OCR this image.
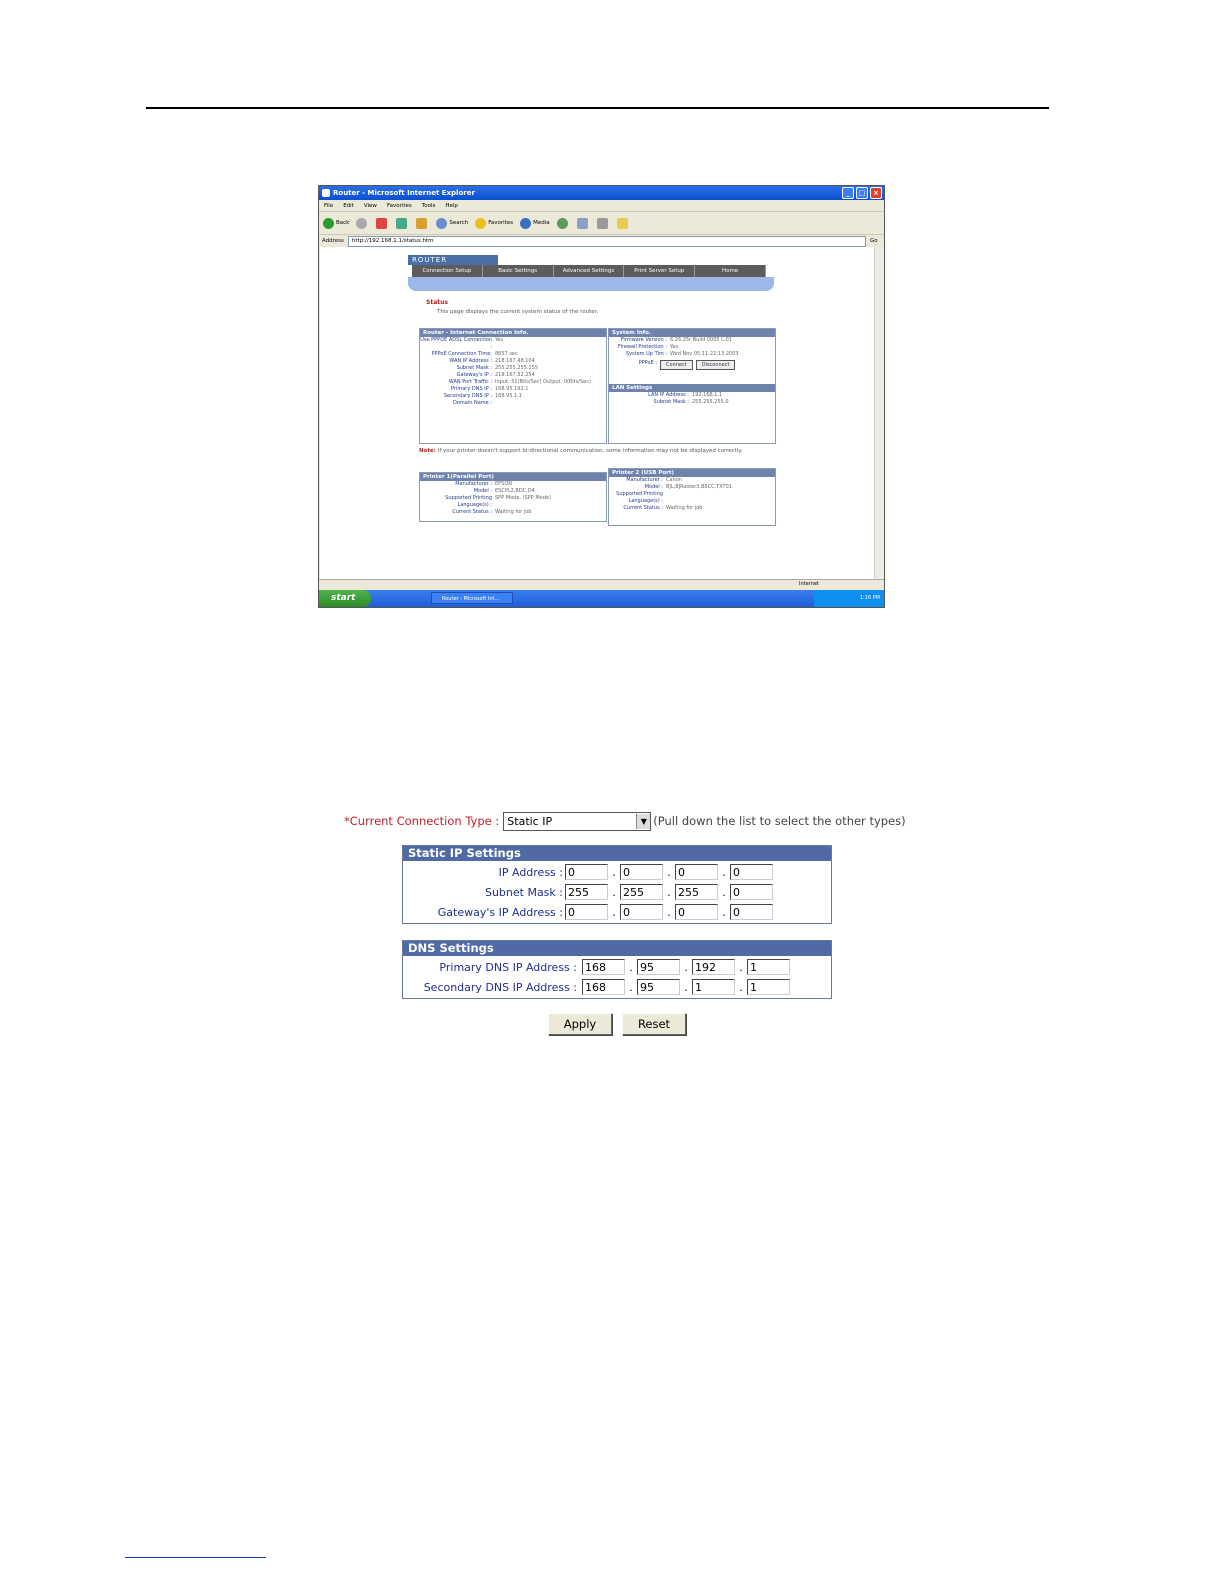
Router - Microsoft Internet Explorer	_	□	×
File Edit View Favorites Tools Help
Back	Search	Favorites	Media
Address	http://192.168.1.1/status.htm	Go
ROUTER
Connection Setup	Basic Settings	Advanced Settings	Print Server Setup	Home
Status
This page displays the current system status of the router.
Router - Internet Connection Info.
Use PPPOE ADSL Connection :
Yes
PPPoE Connection Time: 8657 sec
WAN IP Address : 218.167.48.104
Subnet Mask : 255.255.255.255
Gateway's IP : 218.167.32.254
WAN Port Traffic : Input: 51(Bits/Sec) Output: 0(Bits/Sec)
Primary DNS IP : 168.95.192.1
Secondary DNS IP : 168.95.1.1
Domain Name :
System Info.
Firmware Version : 6.26.25r Build 0005 L:01
Firewall Protection : Yes
System Up Tim : Wed Nov 05 11:22:13 2003
PPPoE :	Connect	Disconnect
LAN Settings
LAN IP Address : 192.168.1.1
Subnet Mask : 255.255.255.0
Note: If your printer doesn't support bi-directional communication, some information may not be displayed correctly.
Printer 1(Parallel Port)
Manufacturer : EPSON
Model : ESCPL2,BDC,D4
Supported Printing Language(s) :
SPP Mode, (SPP Mode)
Current Status : Waiting for job
Printer 2 (USB Port)
Manufacturer : Canon
Model : BJL,BJRaster3,BSCC,TXT01
Supported Printing Language(s) :
Current Status : Waiting for job
Internet
start	Router - Microsoft Int...	1:16 PM
*Current Connection Type : Static IP	▼ (Pull down the list to select the other types)
Static IP Settings
IP Address : 0	. 0	. 0	. 0
Subnet Mask : 255	. 255	. 255	. 0
Gateway's IP Address : 0	. 0	. 0	. 0
DNS Settings
Primary DNS IP Address : 168	. 95	. 192	. 1
Secondary DNS IP Address : 168	. 95	. 1	. 1
Apply	Reset
